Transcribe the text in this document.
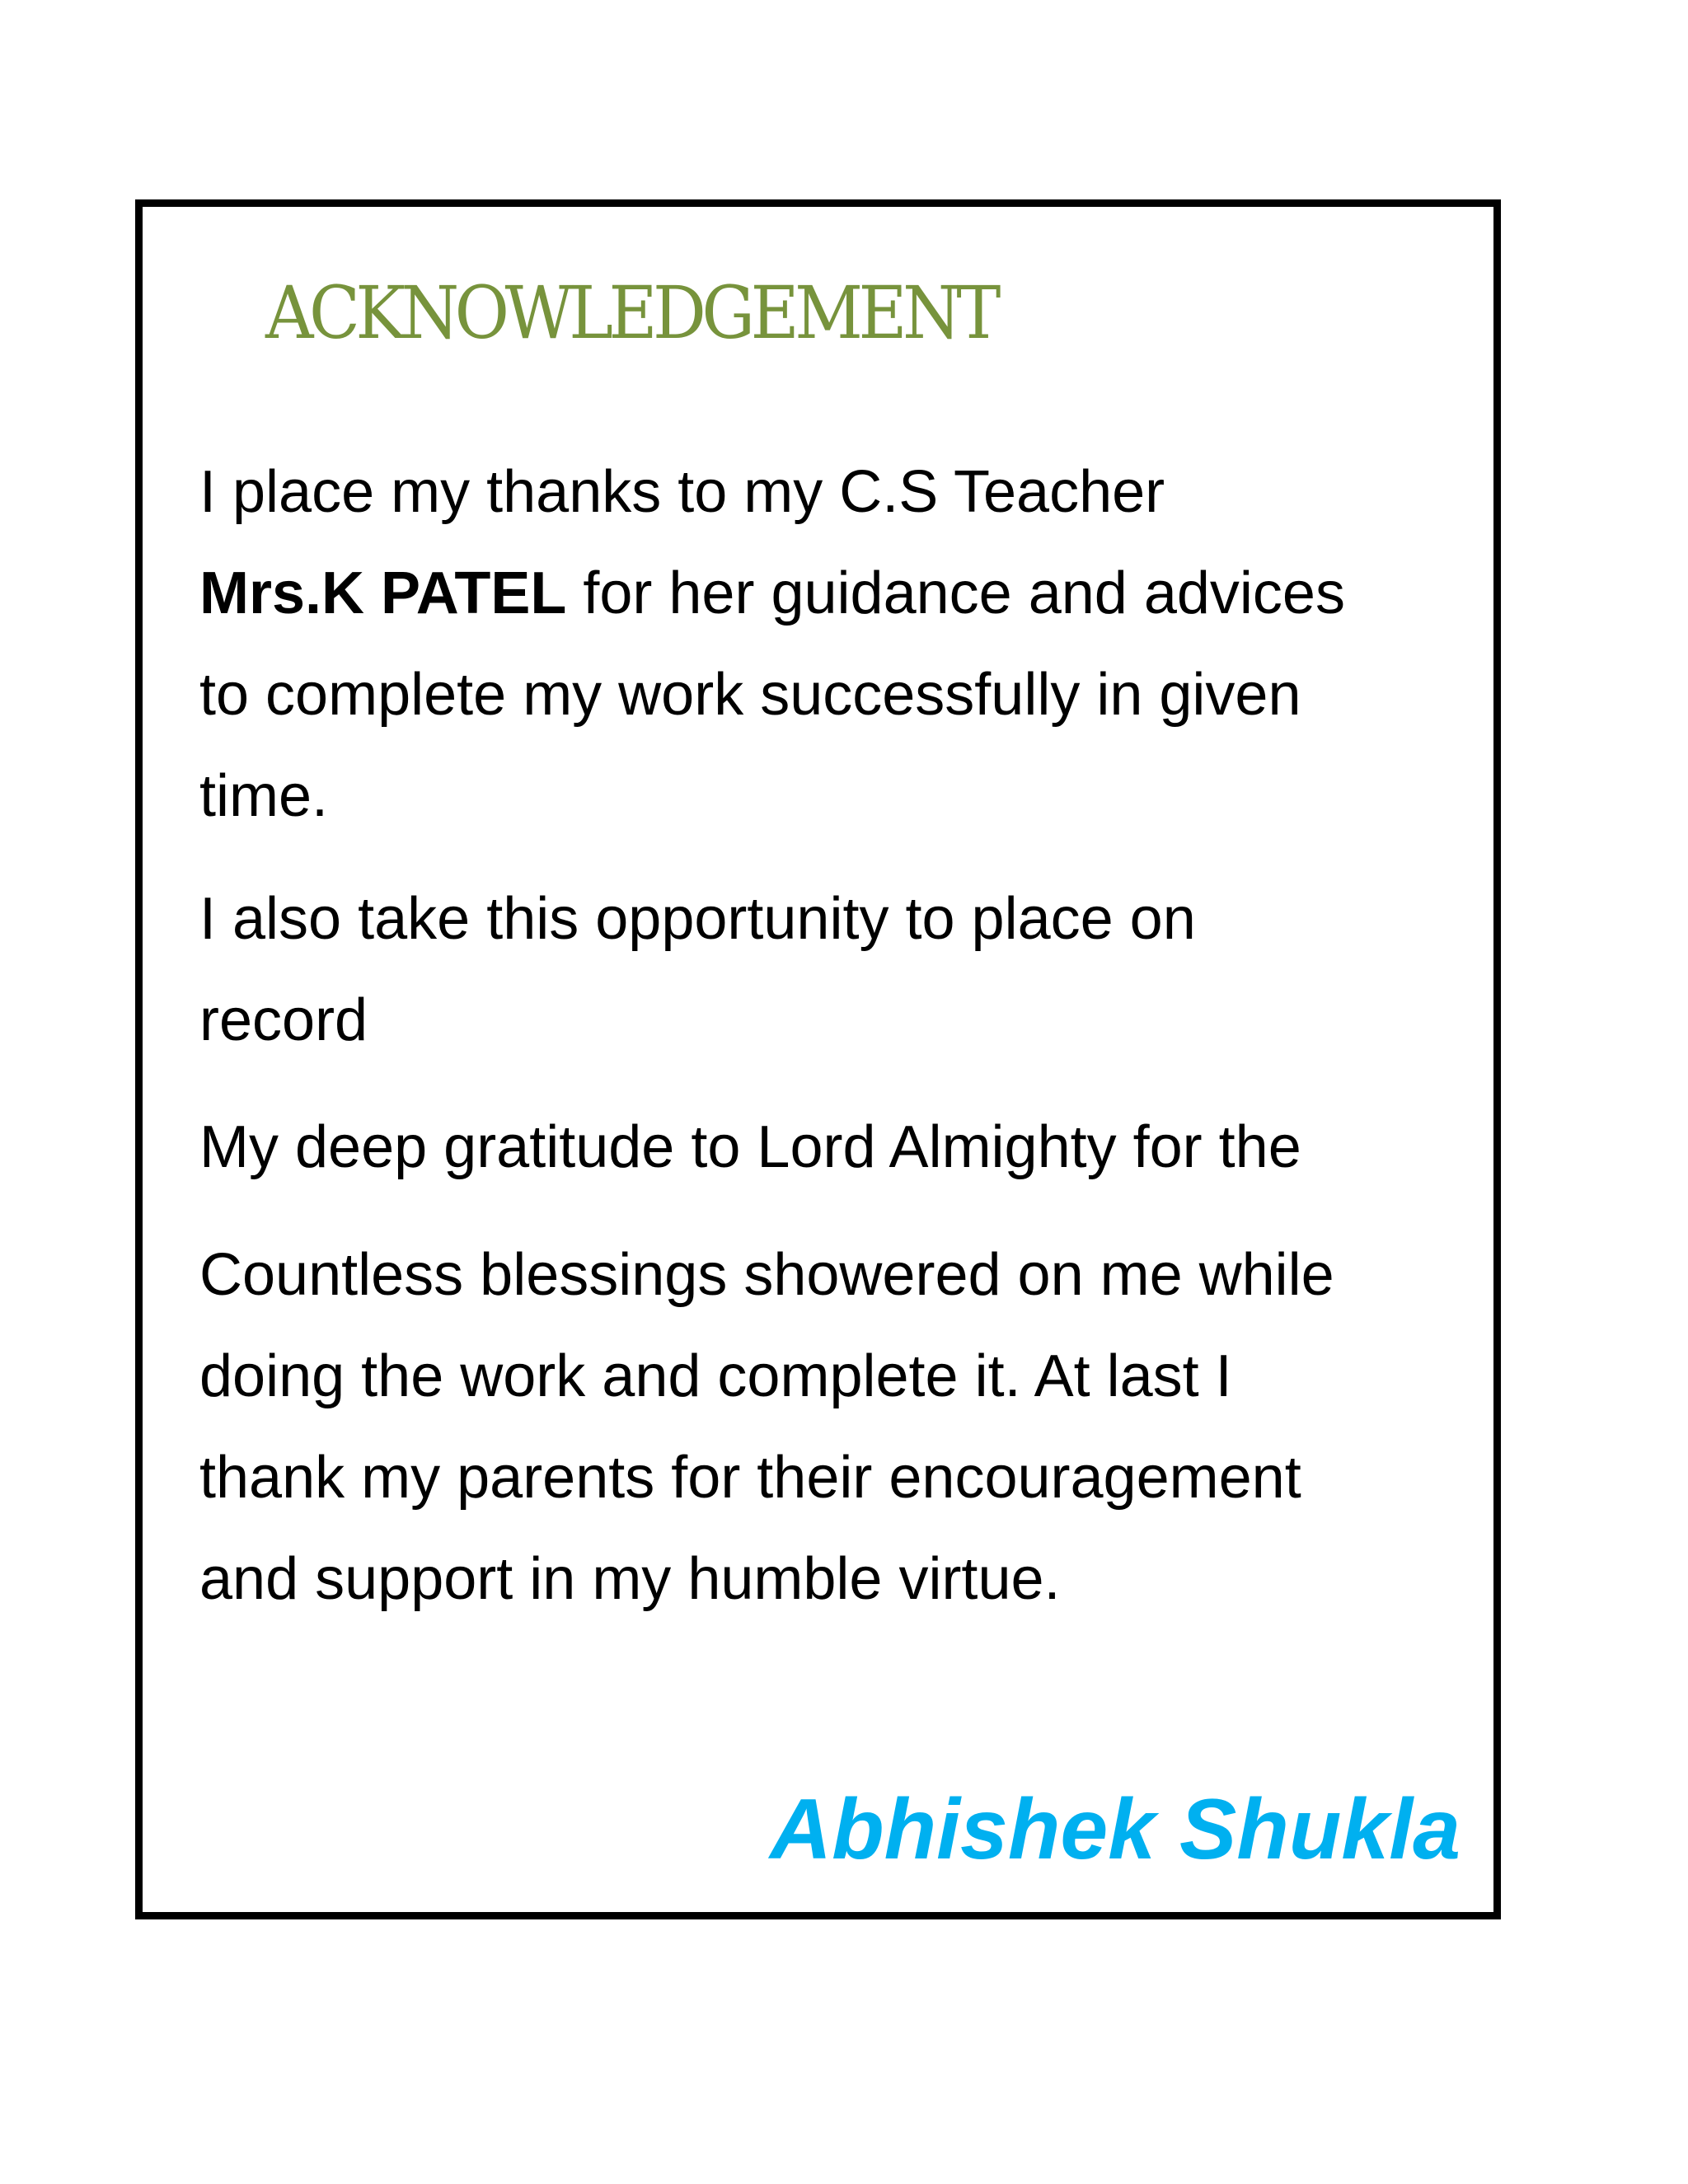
ACKNOWLEDGEMENT
I place my thanks to my C.S Teacher
Mrs.K PATEL for her guidance and advices
to complete my work successfully in given
time.
I also take this opportunity to place on
record
My deep gratitude to Lord Almighty for the
Countless blessings showered on me while
doing the work and complete it. At last I
thank my parents for their encouragement
and support in my humble virtue.
Abhishek Shukla
